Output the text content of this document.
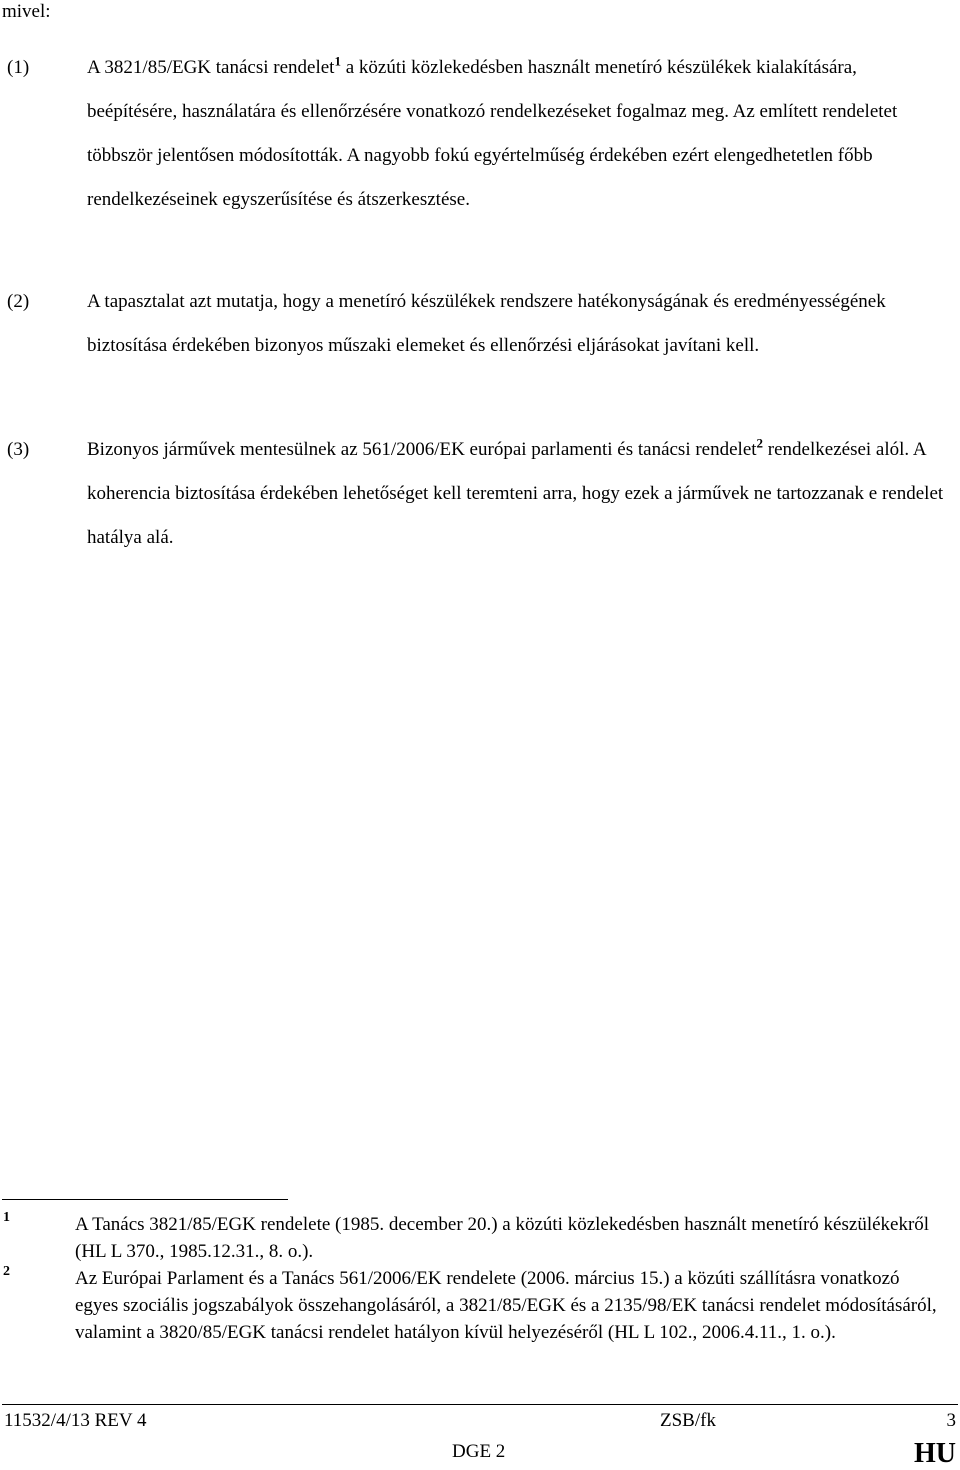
mivel:
(1)	A 3821/85/EGK tanácsi rendelet$^1$ a közúti közlekedésben használt menetíró készülékek kialakítására, beépítésére, használatára és ellenőrzésére vonatkozó rendelkezéseket fogalmaz meg. Az említett rendeletet többször jelentősen módosították. A nagyobb fokú egyértelműség érdekében ezért elengedhetetlen főbb rendelkezéseinek egyszerűsítése és átszerkesztése.
(2)	A tapasztalat azt mutatja, hogy a menetíró készülékek rendszere hatékonyságának és eredményességének biztosítása érdekében bizonyos műszaki elemeket és ellenőrzési eljárásokat javítani kell.
(3)	Bizonyos járművek mentesülnek az 561/2006/EK európai parlamenti és tanácsi rendelet$^2$ rendelkezései alól. A koherencia biztosítása érdekében lehetőséget kell teremteni arra, hogy ezek a járművek ne tartozzanak e rendelet hatálya alá.
1	A Tanács 3821/85/EGK rendelete (1985. december 20.) a közúti közlekedésben használt menetíró készülékekről (HL L 370., 1985.12.31., 8. o.).
2	Az Európai Parlament és a Tanács 561/2006/EK rendelete (2006. március 15.) a közúti szállításra vonatkozó egyes szociális jogszabályok összehangolásáról, a 3821/85/EGK és a 2135/98/EK tanácsi rendelet módosításáról, valamint a 3820/85/EGK tanácsi rendelet hatályon kívül helyezéséről (HL L 102., 2006.4.11., 1. o.).
11532/4/13 REV 4	ZSB/fk	3
DGE 2	HU
